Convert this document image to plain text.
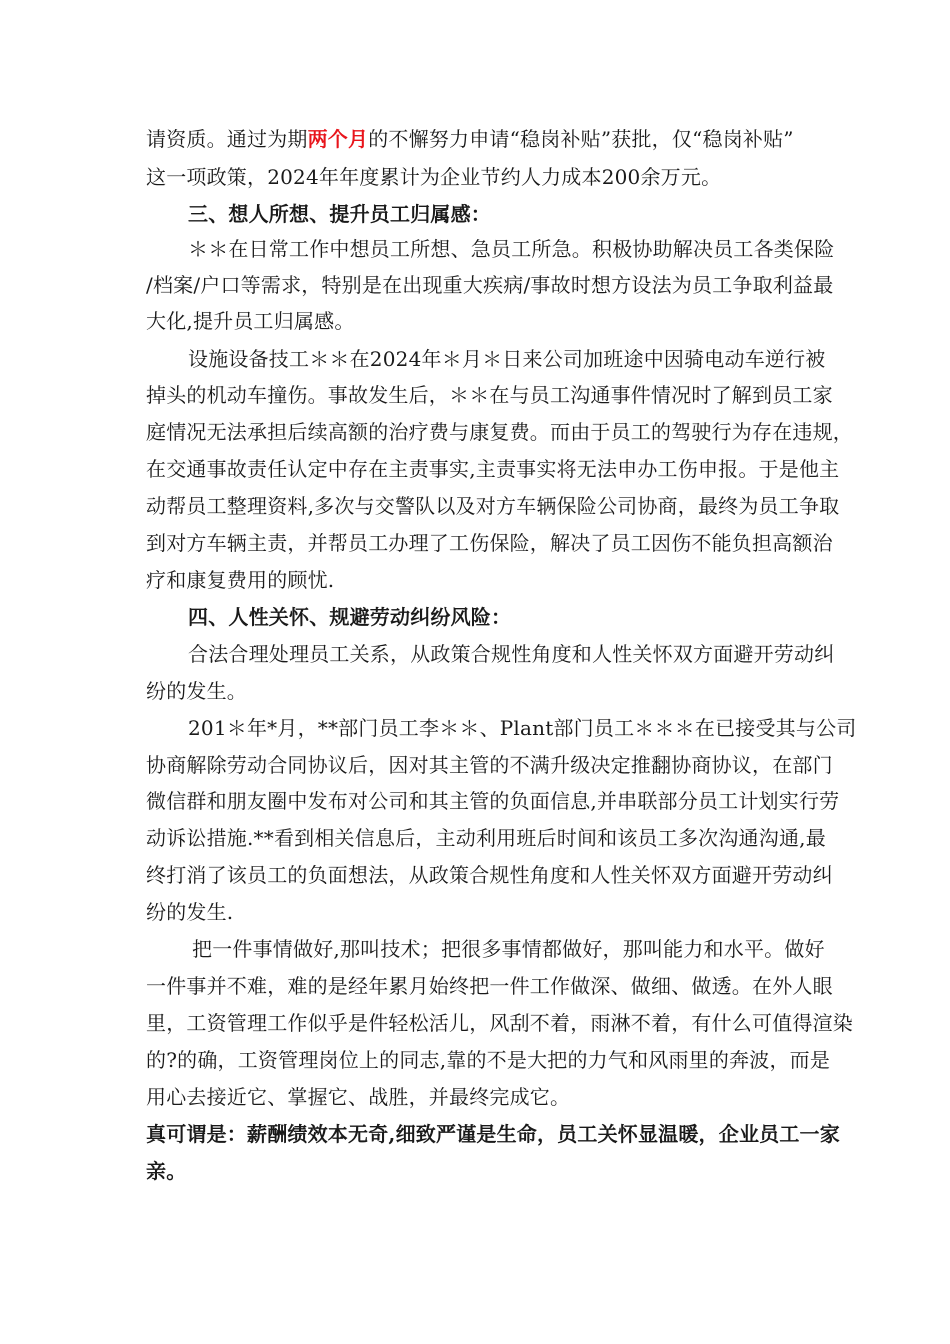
请资质。通过为期两个月的不懈努力申请“稳岗补贴”获批，仅“稳岗补贴”
这一项政策，2024年年度累计为企业节约人力成本200余万元。
三、想人所想、提升员工归属感：
＊＊在日常工作中想员工所想、急员工所急。积极协助解决员工各类保险
/档案/户口等需求，特别是在出现重大疾病/事故时想方设法为员工争取利益最
大化,提升员工归属感。
设施设备技工＊＊在2024年＊月＊日来公司加班途中因骑电动车逆行被
掉头的机动车撞伤。事故发生后，＊＊在与员工沟通事件情况时了解到员工家
庭情况无法承担后续高额的治疗费与康复费。而由于员工的驾驶行为存在违规，
在交通事故责任认定中存在主责事实,主责事实将无法申办工伤申报。于是他主
动帮员工整理资料,多次与交警队以及对方车辆保险公司协商，最终为员工争取
到对方车辆主责，并帮员工办理了工伤保险，解决了员工因伤不能负担高额治
疗和康复费用的顾忧.
四、人性关怀、规避劳动纠纷风险：
合法合理处理员工关系，从政策合规性角度和人性关怀双方面避开劳动纠
纷的发生。
201＊年*月，**部门员工李＊＊、Plant部门员工＊＊＊在已接受其与公司
协商解除劳动合同协议后，因对其主管的不满升级决定推翻协商协议，在部门
微信群和朋友圈中发布对公司和其主管的负面信息,并串联部分员工计划实行劳
动诉讼措施.**看到相关信息后，主动利用班后时间和该员工多次沟通沟通,最
终打消了该员工的负面想法，从政策合规性角度和人性关怀双方面避开劳动纠
纷的发生.
把一件事情做好,那叫技术；把很多事情都做好，那叫能力和水平。做好
一件事并不难，难的是经年累月始终把一件工作做深、做细、做透。在外人眼
里，工资管理工作似乎是件轻松活儿，风刮不着，雨淋不着，有什么可值得渲染
的?的确，工资管理岗位上的同志,靠的不是大把的力气和风雨里的奔波，而是
用心去接近它、掌握它、战胜，并最终完成它。
真可谓是：薪酬绩效本无奇,细致严谨是生命，员工关怀显温暖，企业员工一家
亲。
